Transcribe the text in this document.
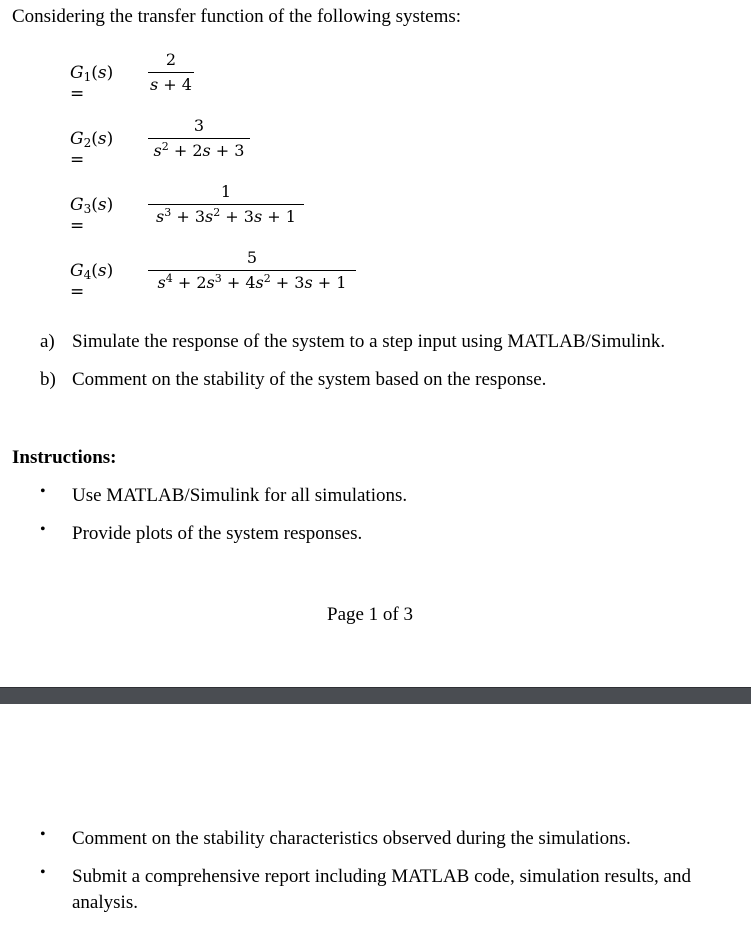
Considering the transfer function of the following systems:
$G_1(s)$ =
2
s + 4
$G_2(s)$ =
3
$s^2 + 2s + 3$
$G_3(s)$ =
1
$s^3 + 3s^2 + 3s + 1$
$G_4(s)$ =
5
$s^4 + 2s^3 + 4s^2 + 3s + 1$
a) Simulate the response of the system to a step input using MATLAB/Simulink.
b) Comment on the stability of the system based on the response.
Instructions:
• Use MATLAB/Simulink for all simulations.
• Provide plots of the system responses.
Page 1 of 3
• Comment on the stability characteristics observed during the simulations.
• Submit a comprehensive report including MATLAB code, simulation results, and analysis.
